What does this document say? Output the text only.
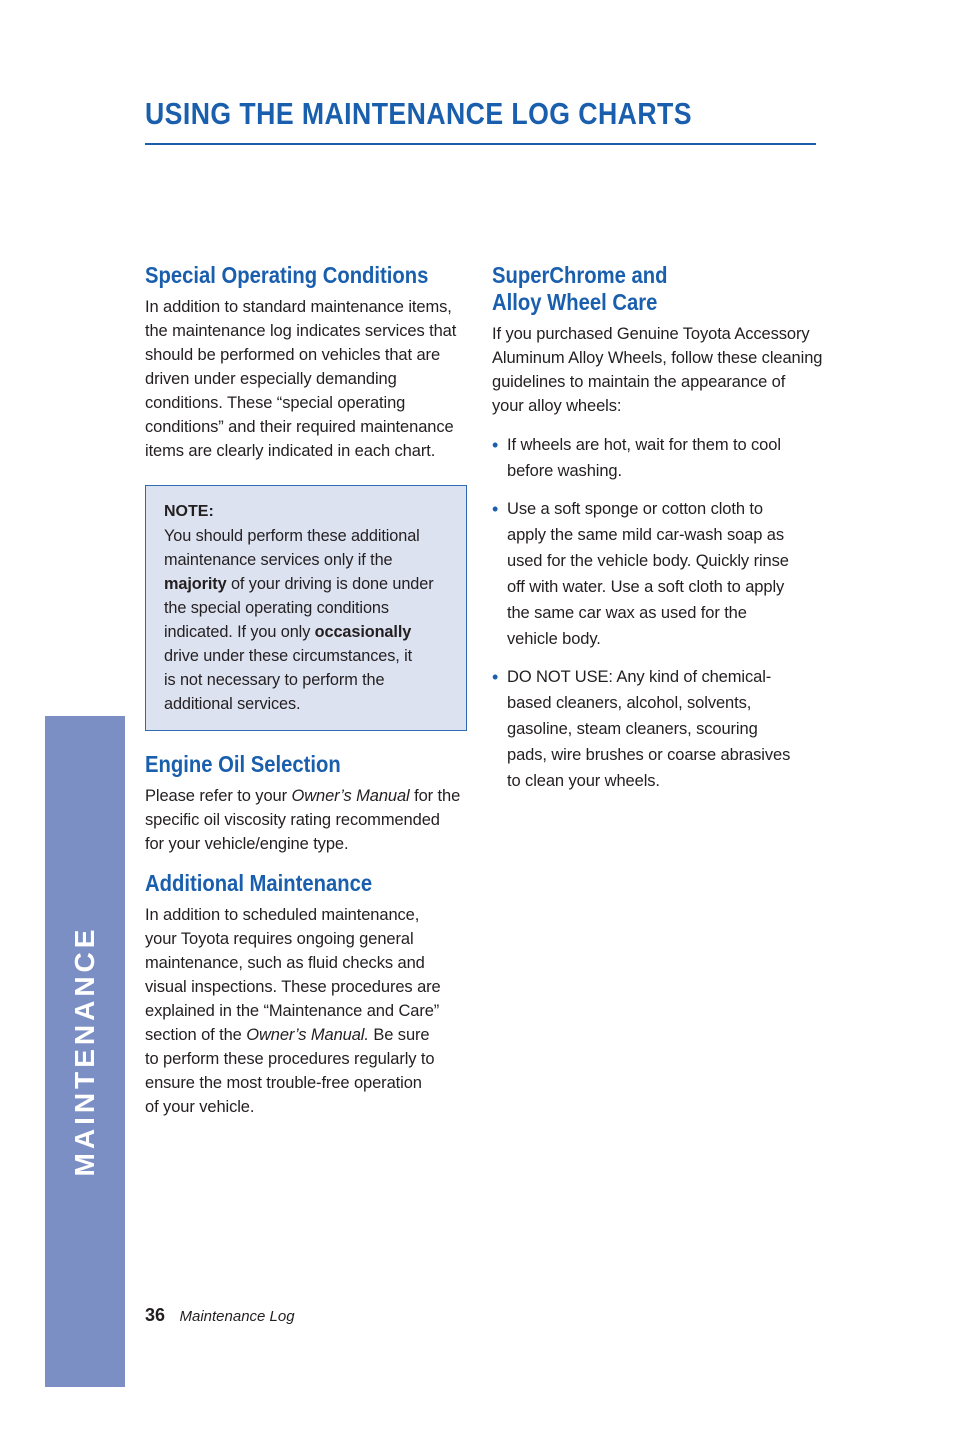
USING THE MAINTENANCE LOG CHARTS
Special Operating Conditions

In addition to standard maintenance items,
the maintenance log indicates services that
should be performed on vehicles that are
driven under especially demanding
conditions. These “special operating
conditions” and their required maintenance
items are clearly indicated in each chart.

NOTE:

You should perform these additional
maintenance services only if the
majority of your driving is done under
the special operating conditions
indicated. If you only occasionally
drive under these circumstances, it
is not necessary to perform the
additional services.

Engine Oil Selection

Please refer to your Owner’s Manual for the
specific oil viscosity rating recommended
for your vehicle/engine type.

Additional Maintenance

In addition to scheduled maintenance,
your Toyota requires ongoing general
maintenance, such as fluid checks and
visual inspections. These procedures are
explained in the “Maintenance and Care”
section of the Owner’s Manual. Be sure
to perform these procedures regularly to
ensure the most trouble-free operation
of your vehicle.

SuperChrome and
Alloy Wheel Care

If you purchased Genuine Toyota Accessory
Aluminum Alloy Wheels, follow these cleaning
guidelines to maintain the appearance of
your alloy wheels:

• If wheels are hot, wait for them to cool
before washing.

• Use a soft sponge or cotton cloth to
apply the same mild car-wash soap as
used for the vehicle body. Quickly rinse
off with water. Use a soft cloth to apply
the same car wax as used for the
vehicle body.

• DO NOT USE: Any kind of chemical-
based cleaners, alcohol, solvents,
gasoline, steam cleaners, scouring
pads, wire brushes or coarse abrasives
to clean your wheels.

MAINTENANCE
36 Maintenance Log
